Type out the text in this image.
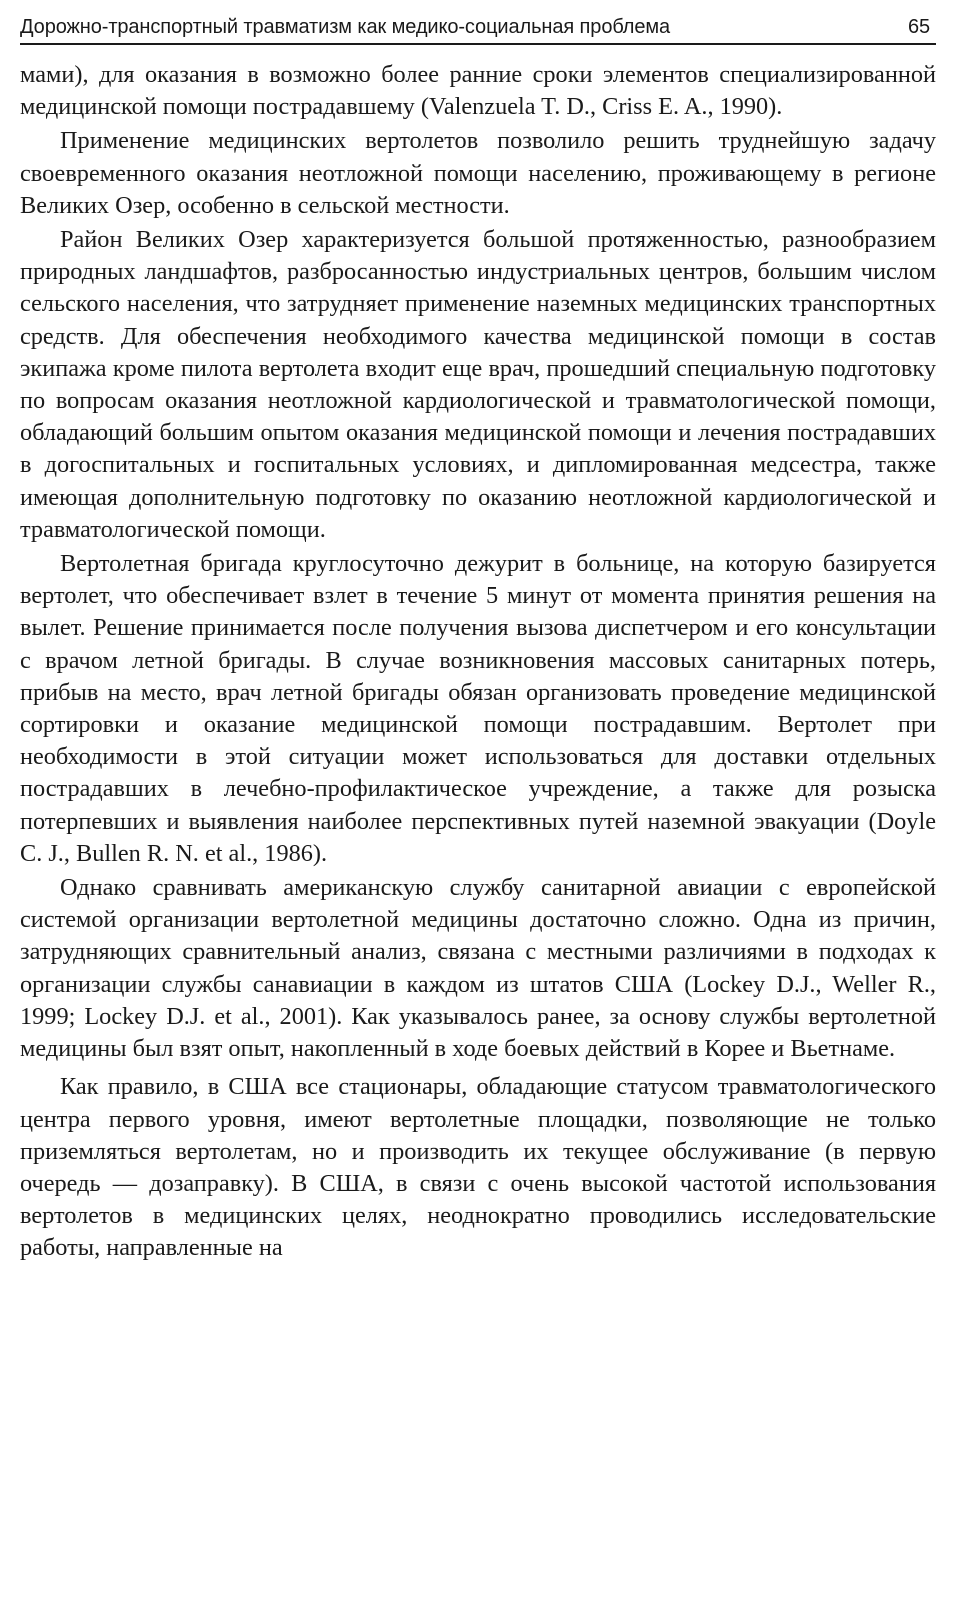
Дорожно-транспортный травматизм как медико-социальная проблема	65

мами), для оказания в возможно более ранние сроки элементов специализированной медицинской помощи пострадавшему (Valenzuela T. D., Criss E. A., 1990).

Применение медицинских вертолетов позволило решить труднейшую задачу своевременного оказания неотложной помощи населению, проживающему в регионе Великих Озер, особенно в сельской местности.

Район Великих Озер характеризуется большой протяженностью, разнообразием природных ландшафтов, разбросанностью индустриальных центров, большим числом сельского населения, что затрудняет применение наземных медицинских транспортных средств. Для обеспечения необходимого качества медицинской помощи в состав экипажа кроме пилота вертолета входит еще врач, прошедший специальную подготовку по вопросам оказания неотложной кардиологической и травматологической помощи, обладающий большим опытом оказания медицинской помощи и лечения пострадавших в догоспитальных и госпитальных условиях, и дипломированная медсестра, также имеющая дополнительную подготовку по оказанию неотложной кардиологической и травматологической помощи.

Вертолетная бригада круглосуточно дежурит в больнице, на которую базируется вертолет, что обеспечивает взлет в течение 5 минут от момента принятия решения на вылет. Решение принимается после получения вызова диспетчером и его консультации с врачом летной бригады. В случае возникновения массовых санитарных потерь, прибыв на место, врач летной бригады обязан организовать проведение медицинской сортировки и оказание медицинской помощи пострадавшим. Вертолет при необходимости в этой ситуации может использоваться для доставки отдельных пострадавших в лечебно-профилактическое учреждение, а также для розыска потерпевших и выявления наиболее перспективных путей наземной эвакуации (Doyle C. J., Bullen R. N. et al., 1986).

Однако сравнивать американскую службу санитарной авиации с европейской системой организации вертолетной медицины достаточно сложно. Одна из причин, затрудняющих сравнительный анализ, связана с местными различиями в подходах к организации службы санавиации в каждом из штатов США (Lockey D.J., Weller R., 1999; Lockey D.J. et al., 2001). Как указывалось ранее, за основу службы вертолетной медицины был взят опыт, накопленный в ходе боевых действий в Корее и Вьетнаме.

Как правило, в США все стационары, обладающие статусом травматологического центра первого уровня, имеют вертолетные площадки, позволяющие не только приземляться вертолетам, но и производить их текущее обслуживание (в первую очередь — дозаправку). В США, в связи с очень высокой частотой использования вертолетов в медицинских целях, неоднократно проводились исследовательские работы, направленные на
